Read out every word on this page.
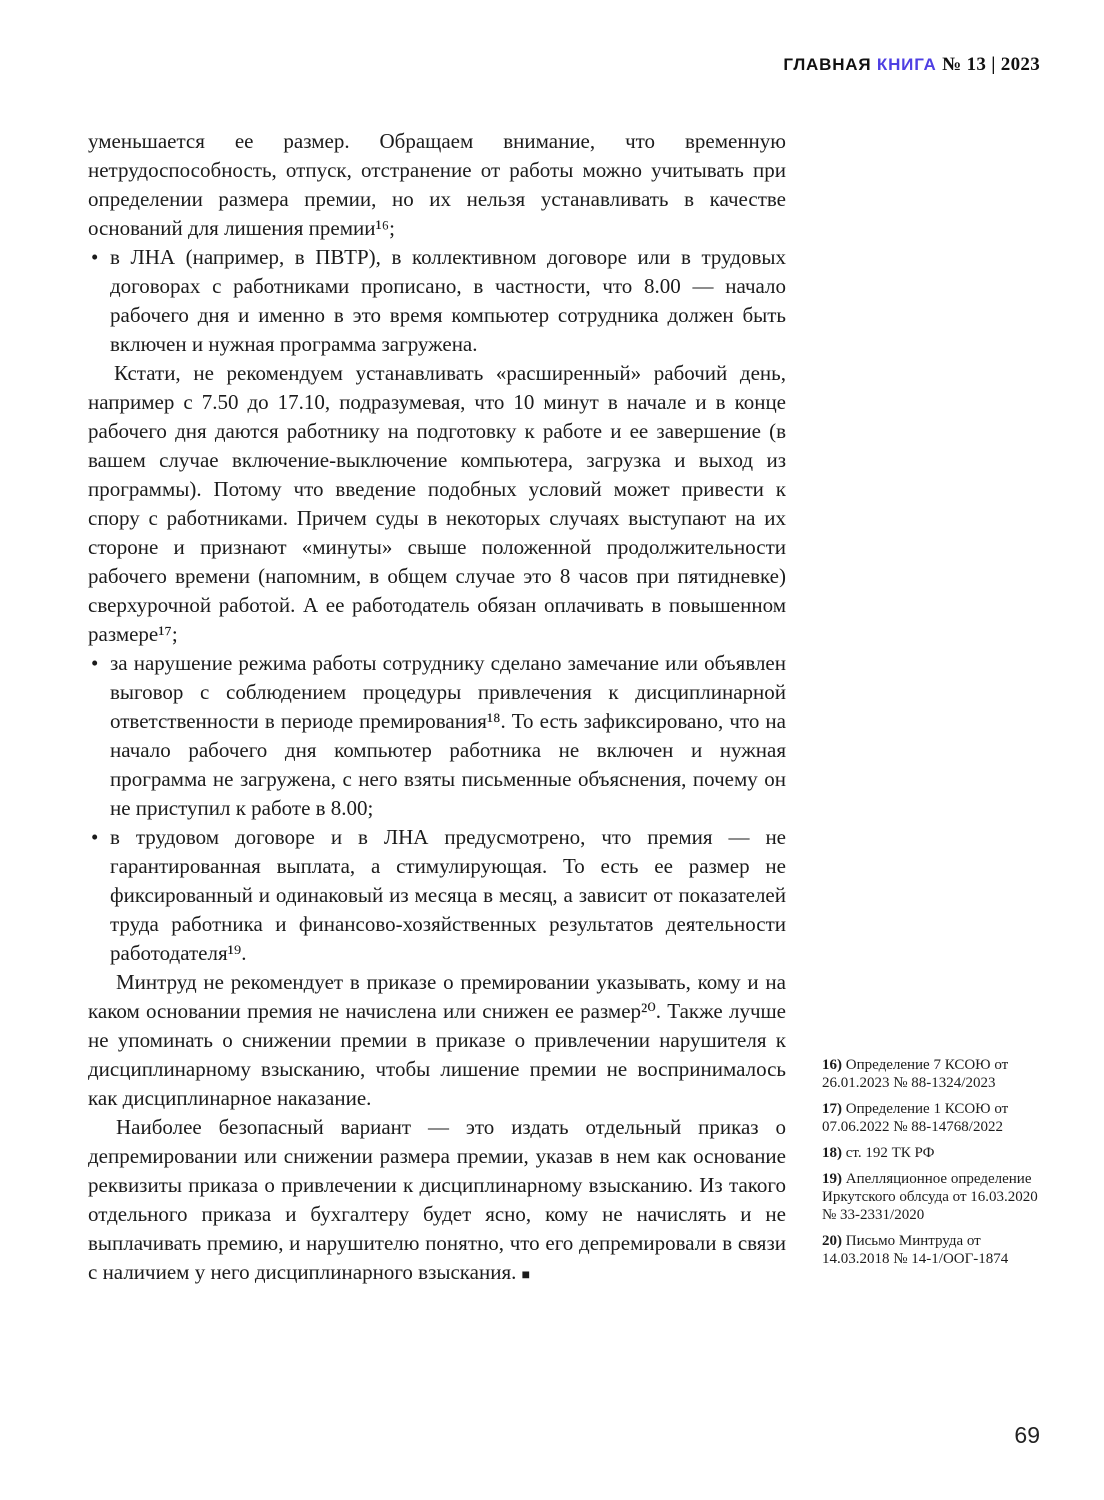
ГЛАВНАЯ КНИГА № 13 | 2023

уменьшается ее размер. Обращаем внимание, что временную нетрудоспособность, отпуск, отстранение от работы можно учитывать при определении размера премии, но их нельзя устанавливать в качестве оснований для лишения премии¹⁶;

• в ЛНА (например, в ПВТР), в коллективном договоре или в трудовых договорах с работниками прописано, в частности, что 8.00 — начало рабочего дня и именно в это время компьютер сотрудника должен быть включен и нужная программа загружена.

Кстати, не рекомендуем устанавливать «расширенный» рабочий день, например с 7.50 до 17.10, подразумевая, что 10 минут в начале и в конце рабочего дня даются работнику на подготовку к работе и ее завершение (в вашем случае включение-выключение компьютера, загрузка и выход из программы). Потому что введение подобных условий может привести к спору с работниками. Причем суды в некоторых случаях выступают на их стороне и признают «минуты» свыше положенной продолжительности рабочего времени (напомним, в общем случае это 8 часов при пятидневке) сверхурочной работой. А ее работодатель обязан оплачивать в повышенном размере¹⁷;

• за нарушение режима работы сотруднику сделано замечание или объявлен выговор с соблюдением процедуры привлечения к дисциплинарной ответственности в периоде премирования¹⁸. То есть зафиксировано, что на начало рабочего дня компьютер работника не включен и нужная программа не загружена, с него взяты письменные объяснения, почему он не приступил к работе в 8.00;

• в трудовом договоре и в ЛНА предусмотрено, что премия — не гарантированная выплата, а стимулирующая. То есть ее размер не фиксированный и одинаковый из месяца в месяц, а зависит от показателей труда работника и финансово-хозяйственных результатов деятельности работодателя¹⁹.

Минтруд не рекомендует в приказе о премировании указывать, кому и на каком основании премия не начислена или снижен ее размер²⁰. Также лучше не упоминать о снижении премии в приказе о привлечении нарушителя к дисциплинарному взысканию, чтобы лишение премии не воспринималось как дисциплинарное наказание.

Наиболее безопасный вариант — это издать отдельный приказ о депремировании или снижении размера премии, указав в нем как основание реквизиты приказа о привлечении к дисциплинарному взысканию. Из такого отдельного приказа и бухгалтеру будет ясно, кому не начислять и не выплачивать премию, и нарушителю понятно, что его депремировали в связи с наличием у него дисциплинарного взыскания. ■

16) Определение 7 КСОЮ от 26.01.2023 № 88-1324/2023

17) Определение 1 КСОЮ от 07.06.2022 № 88-14768/2022

18) ст. 192 ТК РФ

19) Апелляционное определение Иркутского облсуда от 16.03.2020 № 33-2331/2020

20) Письмо Минтруда от 14.03.2018 № 14-1/ООГ-1874

69
